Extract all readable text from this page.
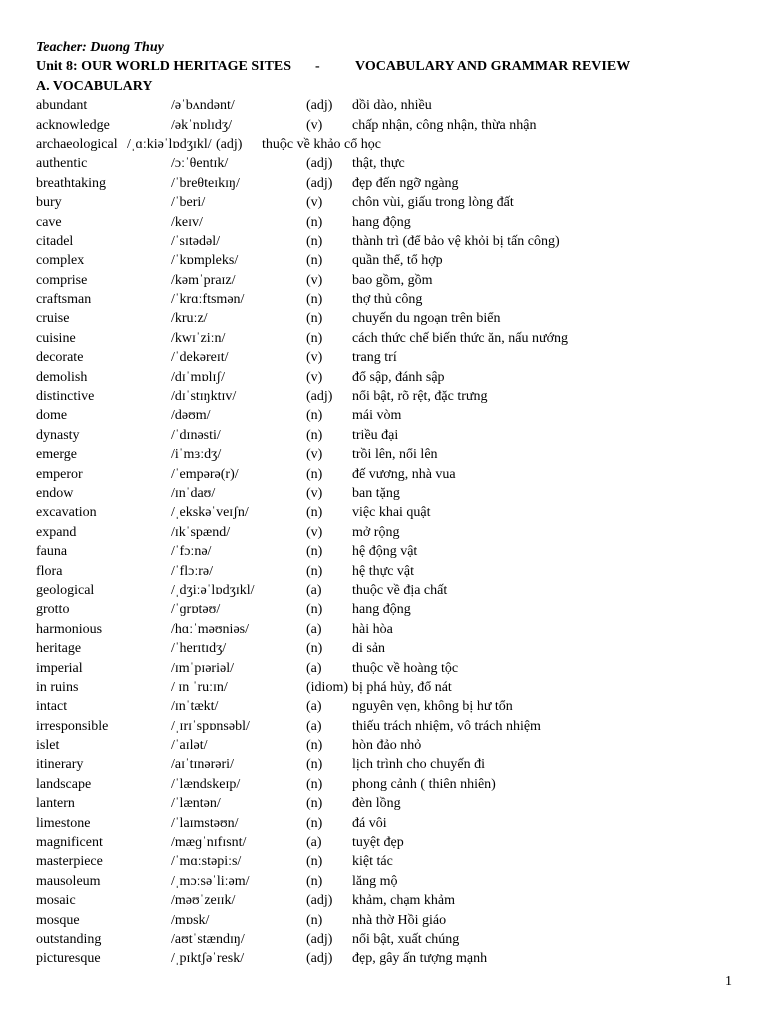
Teacher: Duong Thuy
Unit 8: OUR WORLD HERITAGE SITES -	VOCABULARY AND GRAMMAR REVIEW
A. VOCABULARY
abundant	/əˈbʌndənt/	(adj) dồi dào, nhiều
acknowledge	/əkˈnɒlɪdʒ/	(v) chấp nhận, công nhận, thừa nhận
archaeological /ˌɑːkiəˈlɒdʒɪkl/ (adj) thuộc về khảo cổ học
authentic	/ɔːˈθentɪk/	(adj) thật, thực
breathtaking	/ˈbreθteɪkɪŋ/	(adj) đẹp đến ngỡ ngàng
bury	/ˈberi/	(v) chôn vùi, giấu trong lòng đất
cave	/keɪv/	(n) hang động
citadel	/ˈsɪtədəl/	(n) thành trì (để bảo vệ khỏi bị tấn công)
complex	/ˈkɒmpleks/	(n) quần thể, tổ hợp
comprise	/kəmˈpraɪz/	(v) bao gồm, gồm
craftsman	/ˈkrɑːftsmən/	(n) thợ thủ công
cruise	/kruːz/	(n) chuyến du ngoạn trên biển
cuisine	/kwɪˈziːn/	(n) cách thức chế biến thức ăn, nấu nướng
decorate	/ˈdekəreɪt/	(v) trang trí
demolish	/dɪˈmɒlɪʃ/	(v) đổ sập, đánh sập
distinctive	/dɪˈstɪŋktɪv/	(adj) nổi bật, rõ rệt, đặc trưng
dome	/dəʊm/	(n) mái vòm
dynasty	/ˈdɪnəsti/	(n) triều đại
emerge	/iˈmɜːdʒ/	(v) trồi lên, nổi lên
emperor	/ˈempərə(r)/	(n) đế vương, nhà vua
endow	/ɪnˈdaʊ/	(v) ban tặng
excavation	/ˌekskəˈveɪʃn/	(n) việc khai quật
expand	/ɪkˈspænd/	(v) mở rộng
fauna	/ˈfɔːnə/	(n) hệ động vật
flora	/ˈflɔːrə/	(n) hệ thực vật
geological	/ˌdʒiːəˈlɒdʒɪkl/	(a) thuộc về địa chất
grotto	/ˈɡrɒtəʊ/	(n) hang động
harmonious	/hɑːˈməʊniəs/	(a) hài hòa
heritage	/ˈherɪtɪdʒ/	(n) di sản
imperial	/ɪmˈpɪəriəl/	(a) thuộc về hoàng tộc
in ruins	/ ɪn ˈruːɪn/	(idiom) bị phá hủy, đổ nát
intact	/ɪnˈtækt/	(a) nguyên vẹn, không bị hư tổn
irresponsible	/ˌɪrɪˈspɒnsəbl/	(a) thiếu trách nhiệm, vô trách nhiệm
islet	/ˈaɪlət/	(n) hòn đảo nhỏ
itinerary	/aɪˈtɪnərəri/	(n) lịch trình cho chuyến đi
landscape	/ˈlændskeɪp/	(n) phong cảnh ( thiên nhiên)
lantern	/ˈlæntən/	(n) đèn lồng
limestone	/ˈlaɪmstəʊn/	(n) đá vôi
magnificent	/mæɡˈnɪfɪsnt/	(a) tuyệt đẹp
masterpiece	/ˈmɑːstəpiːs/	(n) kiệt tác
mausoleum	/ˌmɔːsəˈliːəm/	(n) lăng mộ
mosaic	/məʊˈzeɪɪk/	(adj) khảm, chạm khảm
mosque	/mɒsk/	(n) nhà thờ Hồi giáo
outstanding	/aʊtˈstændɪŋ/	(adj) nổi bật, xuất chúng
picturesque	/ˌpɪktʃəˈresk/	(adj) đẹp, gây ấn tượng mạnh
1
